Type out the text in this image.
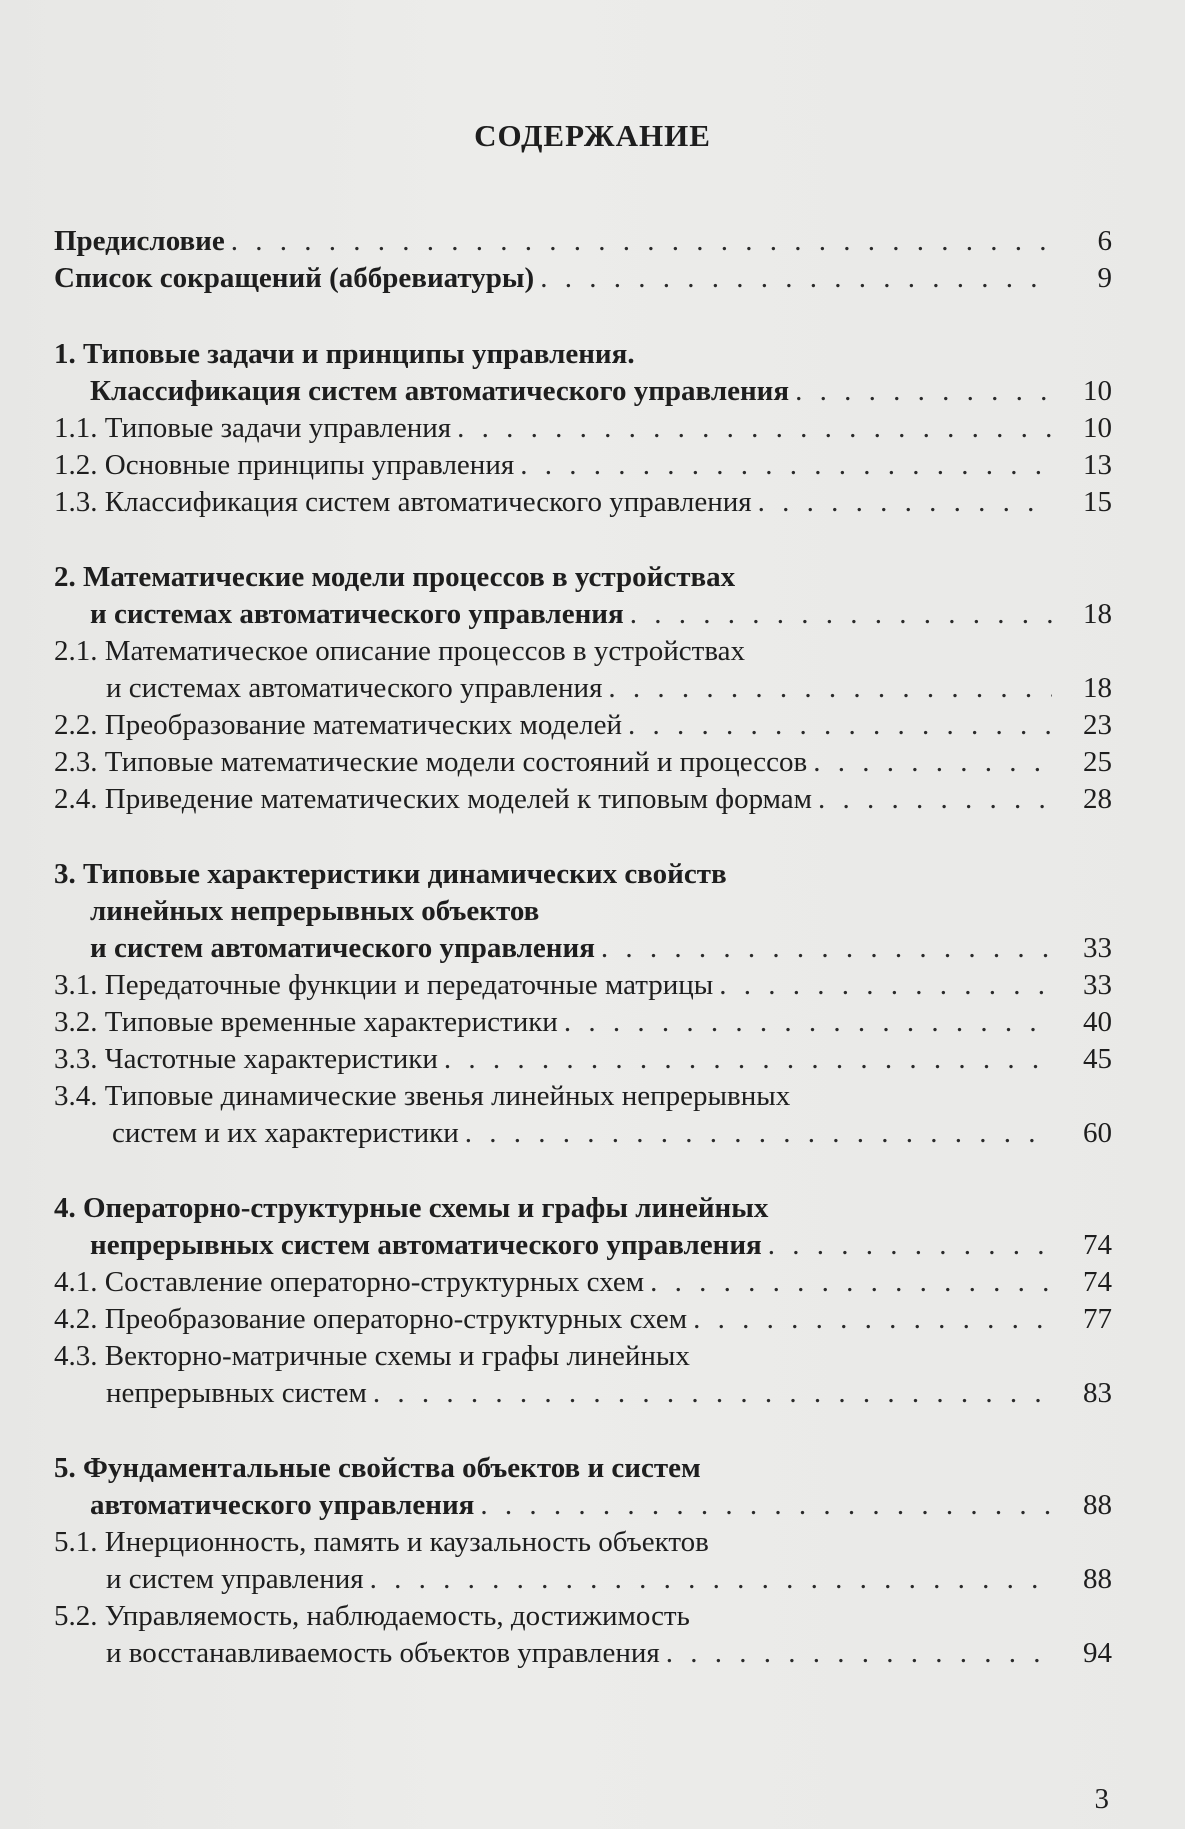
СОДЕРЖАНИЕ
Предисловие . . .	6
Список сокращений (аббревиатуры) . . .	9
1. Типовые задачи и принципы управления.
Классификация систем автоматического управления . . .	10
1.1. Типовые задачи управления . . .	10
1.2. Основные принципы управления . . .	13
1.3. Классификация систем автоматического управления . . .	15
2. Математические модели процессов в устройствах
и системах автоматического управления . . .	18
2.1. Математическое описание процессов в устройствах
и системах автоматического управления . . .	18
2.2. Преобразование математических моделей . . .	23
2.3. Типовые математические модели состояний и процессов . . .	25
2.4. Приведение математических моделей к типовым формам . . .	28
3. Типовые характеристики динамических свойств
линейных непрерывных объектов
и систем автоматического управления . . .	33
3.1. Передаточные функции и передаточные матрицы . . .	33
3.2. Типовые временные характеристики . . .	40
3.3. Частотные характеристики . . .	45
3.4. Типовые динамические звенья линейных непрерывных
систем и их характеристики . . .	60
4. Операторно-структурные схемы и графы линейных
непрерывных систем автоматического управления . . .	74
4.1. Составление операторно-структурных схем . . .	74
4.2. Преобразование операторно-структурных схем . . .	77
4.3. Векторно-матричные схемы и графы линейных
непрерывных систем . . .	83
5. Фундаментальные свойства объектов и систем
автоматического управления . . .	88
5.1. Инерционность, память и каузальность объектов
и систем управления . . .	88
5.2. Управляемость, наблюдаемость, достижимость
и восстанавливаемость объектов управления . . .	94
3
